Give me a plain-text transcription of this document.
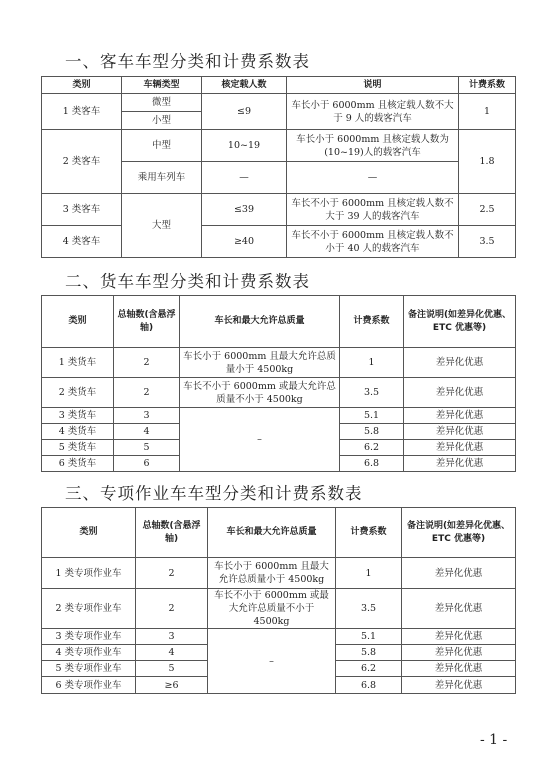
一、客车车型分类和计费系数表
类别	车辆类型	核定载人数	说明	计费系数
1 类客车	微型	≤9	车长小于 6000mm 且核定载人数不大于 9 人的载客汽车	1
	小型			
2 类客车	中型	10~19	车长小于 6000mm 且核定载人数为(10~19)人的载客汽车	1.8
	乘用车列车	—	—	
3 类客车	大型	≤39	车长不小于 6000mm 且核定载人数不大于 39 人的载客汽车	2.5
4 类客车		≥40	车长不小于 6000mm 且核定载人数不小于 40 人的载客汽车	3.5
二、货车车型分类和计费系数表
类别	总轴数(含悬浮轴)	车长和最大允许总质量	计费系数	备注说明(如差异化优惠、ETC 优惠等)
1 类货车	2	车长小于 6000mm 且最大允许总质量小于 4500kg	1	差异化优惠
2 类货车	2	车长不小于 6000mm 或最大允许总质量不小于 4500kg	3.5	差异化优惠
3 类货车	3	–	5.1	差异化优惠
4 类货车	4		5.8	差异化优惠
5 类货车	5		6.2	差异化优惠
6 类货车	6		6.8	差异化优惠
三、专项作业车车型分类和计费系数表
类别	总轴数(含悬浮轴)	车长和最大允许总质量	计费系数	备注说明(如差异化优惠、ETC 优惠等)
1 类专项作业车	2	车长小于 6000mm 且最大允许总质量小于 4500kg	1	差异化优惠
2 类专项作业车	2	车长不小于 6000mm 或最大允许总质量不小于 4500kg	3.5	差异化优惠
3 类专项作业车	3	–	5.1	差异化优惠
4 类专项作业车	4		5.8	差异化优惠
5 类专项作业车	5		6.2	差异化优惠
6 类专项作业车	≥6		6.8	差异化优惠
- 1 -
